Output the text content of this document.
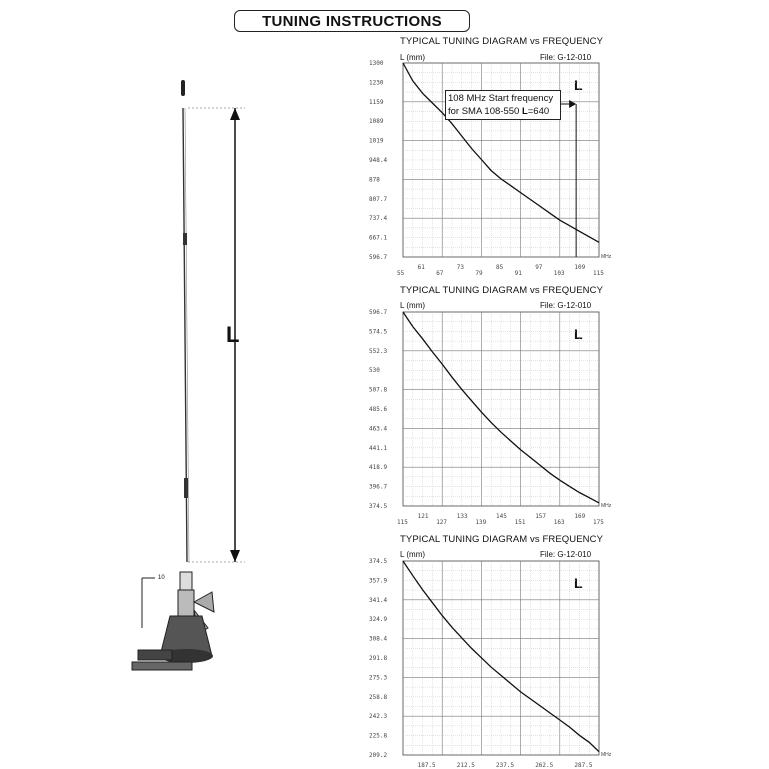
TUNING INSTRUCTIONS
L
10
TYPICAL TUNING DIAGRAM vs FREQUENCY
L (mm)	File: G-12-010
L
TYPICAL TUNING DIAGRAM vs FREQUENCY
L (mm)	File: G-12-010
L
TYPICAL TUNING DIAGRAM vs FREQUENCY
L (mm)	File: G-12-010
L
1300
1230
1159
1089
1019
948.4
878
807.7
737.4
667.1
596.7
55	67	79	91	103	115
61	73	85	97	109
MHz
596.7
574.5
552.3
530
507.8
485.6
463.4
441.1
418.9
396.7
374.5
115	127	139	151	163	175
121	133	145	157	169
MHz
374.5
357.9
341.4
324.9
308.4
291.8
275.3
258.8
242.3
225.8
209.2
187.5	212.5	237.5	262.5	287.5
MHz
108 MHz Start frequency
for SMA 108-550 L=640
